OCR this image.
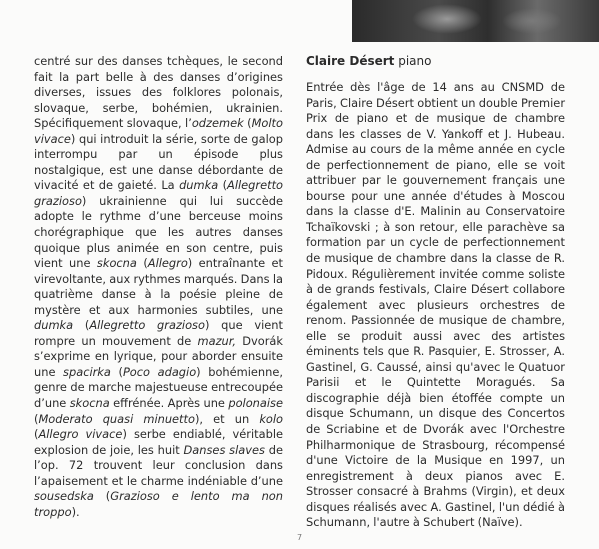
centré sur des danses tchèques, le second fait la part belle à des danses d’origines diverses, issues des folklores polonais, slovaque, serbe, bohémien, ukrainien. Spécifiquement slovaque, l’odzemek (Molto vivace) qui introduit la série, sorte de galop interrompu par un épisode plus nostalgique, est une danse débordante de vivacité et de gaieté. La dumka (Allegretto grazioso) ukrainienne qui lui succède adopte le rythme d’une berceuse moins chorégraphique que les autres danses quoique plus animée en son centre, puis vient une skocna (Allegro) entraînante et virevoltante, aux rythmes marqués. Dans la quatrième danse à la poésie pleine de mystère et aux harmonies subtiles, une dumka (Allegretto grazioso) que vient rompre un mouvement de mazur, Dvorák s’exprime en lyrique, pour aborder ensuite une spacirka (Poco adagio) bohémienne, genre de marche majestueuse entrecoupée d’une skocna effrénée. Après une polonaise (Moderato quasi minuetto), et un kolo (Allegro vivace) serbe endiablé, véritable explosion de joie, les huit Danses slaves de l’op. 72 trouvent leur conclusion dans l’apaisement et le charme indéniable d’une sousedska (Grazioso e lento ma non troppo).

Claire Désert piano

Entrée dès l'âge de 14 ans au CNSMD de Paris, Claire Désert obtient un double Premier Prix de piano et de musique de chambre dans les classes de V. Yankoff et J. Hubeau. Admise au cours de la même année en cycle de perfectionnement de piano, elle se voit attribuer par le gouvernement français une bourse pour une année d'études à Moscou dans la classe d'E. Malinin au Conservatoire Tchaïkovski ; à son retour, elle parachève sa formation par un cycle de perfectionnement de musique de chambre dans la classe de R. Pidoux. Régulièrement invitée comme soliste à de grands festivals, Claire Désert collabore également avec plusieurs orchestres de renom. Passionnée de musique de chambre, elle se produit aussi avec des artistes éminents tels que R. Pasquier, E. Strosser, A. Gastinel, G. Caussé, ainsi qu'avec le Quatuor Parisii et le Quintette Moragués. Sa discographie déjà bien étoffée compte un disque Schumann, un disque des Concertos de Scriabine et de Dvorák avec l'Orchestre Philharmonique de Strasbourg, récompensé d'une Victoire de la Musique en 1997, un enregistrement à deux pianos avec E. Strosser consacré à Brahms (Virgin), et deux disques réalisés avec A. Gastinel, l'un dédié à Schumann, l'autre à Schubert (Naïve).

7
